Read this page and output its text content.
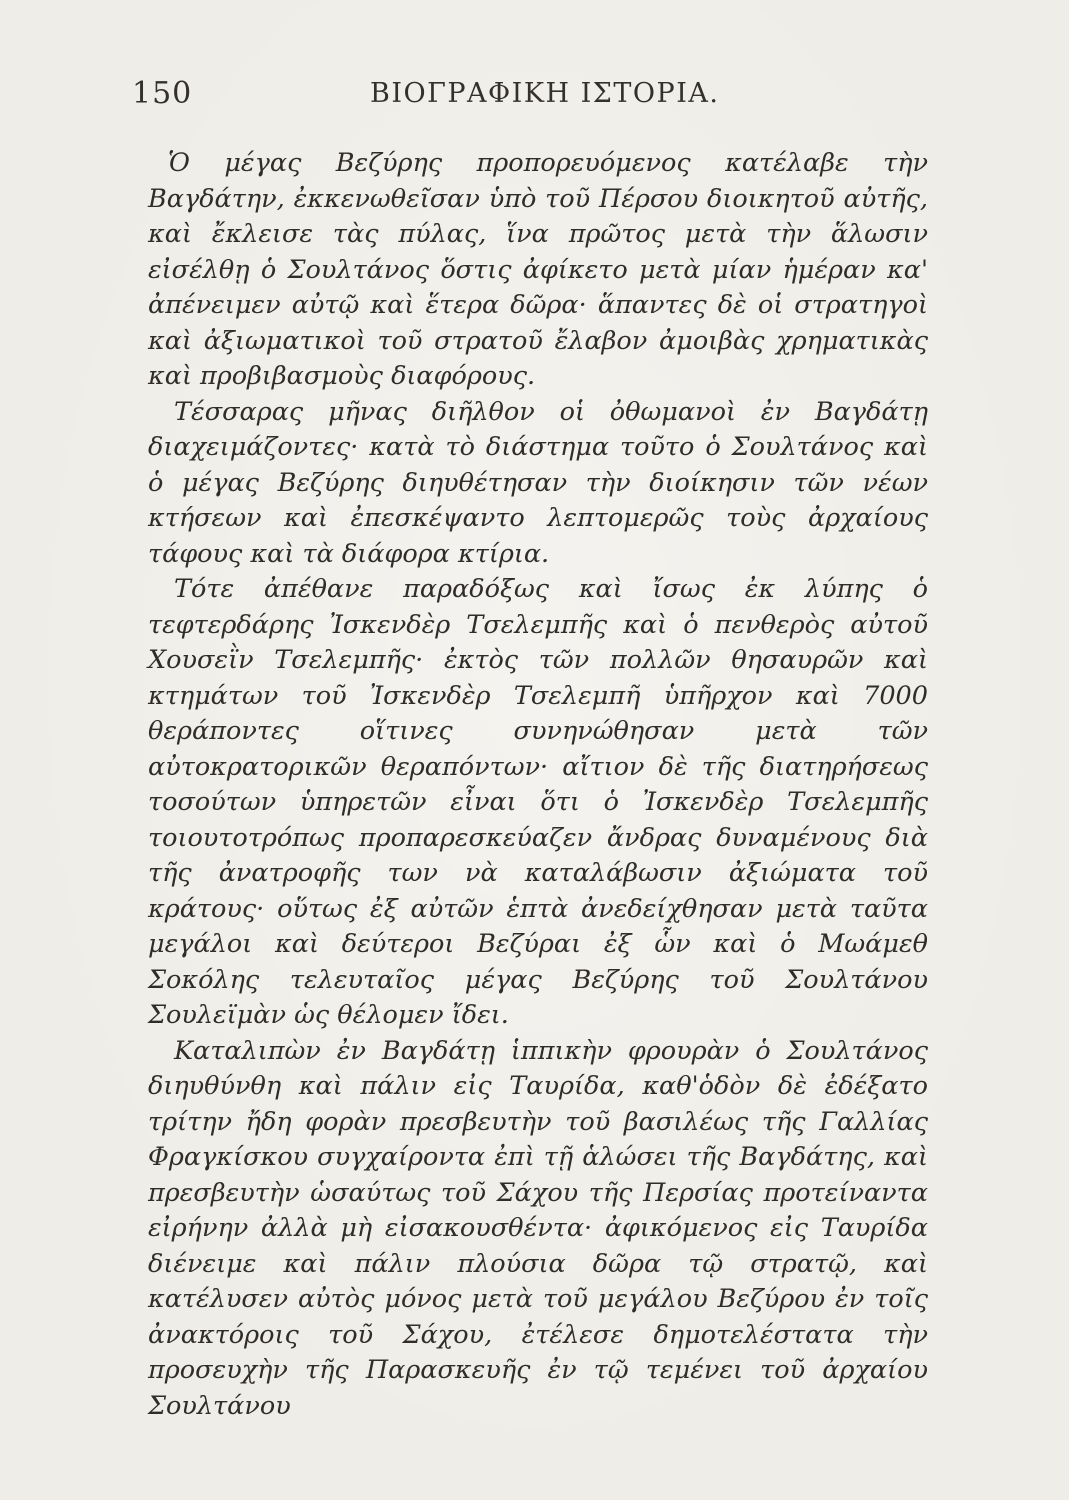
150	ΒΙΟΓΡΑΦΙΚΗ ΙΣΤΟΡΙΑ.

Ὁ μέγας Βεζύρης προπορευόμενος κατέλαβε τὴν Βαγδάτην, ἐκκενωθεῖσαν ὑπὸ τοῦ Πέρσου διοικητοῦ αὐτῆς, καὶ ἔκλεισε τὰς πύλας, ἵνα πρῶτος μετὰ τὴν ἅλωσιν εἰσέλθῃ ὁ Σουλτάνος ὅστις ἀφίκετο μετὰ μίαν ἡμέραν κα' ἀπένειμεν αὐτῷ καὶ ἕτερα δῶρα· ἅπαντες δὲ οἱ στρατηγοὶ καὶ ἀξιωματικοὶ τοῦ στρατοῦ ἔλαβον ἀμοιβὰς χρηματικὰς καὶ προβιβασμοὺς διαφόρους.

Τέσσαρας μῆνας διῆλθον οἱ ὀθωμανοὶ ἐν Βαγδάτῃ διαχειμάζοντες· κατὰ τὸ διάστημα τοῦτο ὁ Σουλτάνος καὶ ὁ μέγας Βεζύρης διηυθέτησαν τὴν διοίκησιν τῶν νέων κτήσεων καὶ ἐπεσκέψαντο λεπτομερῶς τοὺς ἀρχαίους τάφους καὶ τὰ διάφορα κτίρια.

Τότε ἀπέθανε παραδόξως καὶ ἴσως ἐκ λύπης ὁ τεφτερδάρης Ἰσκενδὲρ Τσελεμπῆς καὶ ὁ πενθερὸς αὐτοῦ Χουσεῒν Τσελεμπῆς· ἐκτὸς τῶν πολλῶν θησαυρῶν καὶ κτημάτων τοῦ Ἰσκενδὲρ Τσελεμπῆ ὑπῆρχον καὶ 7000 θεράποντες οἵτινες συνηνώθησαν μετὰ τῶν αὐτοκρατορικῶν θεραπόντων· αἴτιον δὲ τῆς διατηρήσεως τοσούτων ὑπηρετῶν εἶναι ὅτι ὁ Ἰσκενδὲρ Τσελεμπῆς τοιουτοτρόπως προπαρεσκεύαζεν ἄνδρας δυναμένους διὰ τῆς ἀνατροφῆς των νὰ καταλάβωσιν ἀξιώματα τοῦ κράτους· οὕτως ἐξ αὐτῶν ἑπτὰ ἀνεδείχθησαν μετὰ ταῦτα μεγάλοι καὶ δεύτεροι Βεζύραι ἐξ ὧν καὶ ὁ Μωάμεθ Σοκόλης τελευταῖος μέγας Βεζύρης τοῦ Σουλτάνου Σουλεϊμὰν ὡς θέλομεν ἴδει.

Καταλιπὼν ἐν Βαγδάτῃ ἱππικὴν φρουρὰν ὁ Σουλτάνος διηυθύνθη καὶ πάλιν εἰς Ταυρίδα, καθ'ὁδὸν δὲ ἐδέξατο τρίτην ἤδη φορὰν πρεσβευτὴν τοῦ βασιλέως τῆς Γαλλίας Φραγκίσκου συγχαίροντα ἐπὶ τῇ ἁλώσει τῆς Βαγδάτης, καὶ πρεσβευτὴν ὡσαύτως τοῦ Σάχου τῆς Περσίας προτείναντα εἰρήνην ἀλλὰ μὴ εἰσακουσθέντα· ἀφικόμενος εἰς Ταυρίδα διένειμε καὶ πάλιν πλούσια δῶρα τῷ στρατῷ, καὶ κατέλυσεν αὐτὸς μόνος μετὰ τοῦ μεγάλου Βεζύρου ἐν τοῖς ἀνακτόροις τοῦ Σάχου, ἐτέλεσε δημοτελέστατα τὴν προσευχὴν τῆς Παρασκευῆς ἐν τῷ τεμένει τοῦ ἀρχαίου Σουλτάνου
